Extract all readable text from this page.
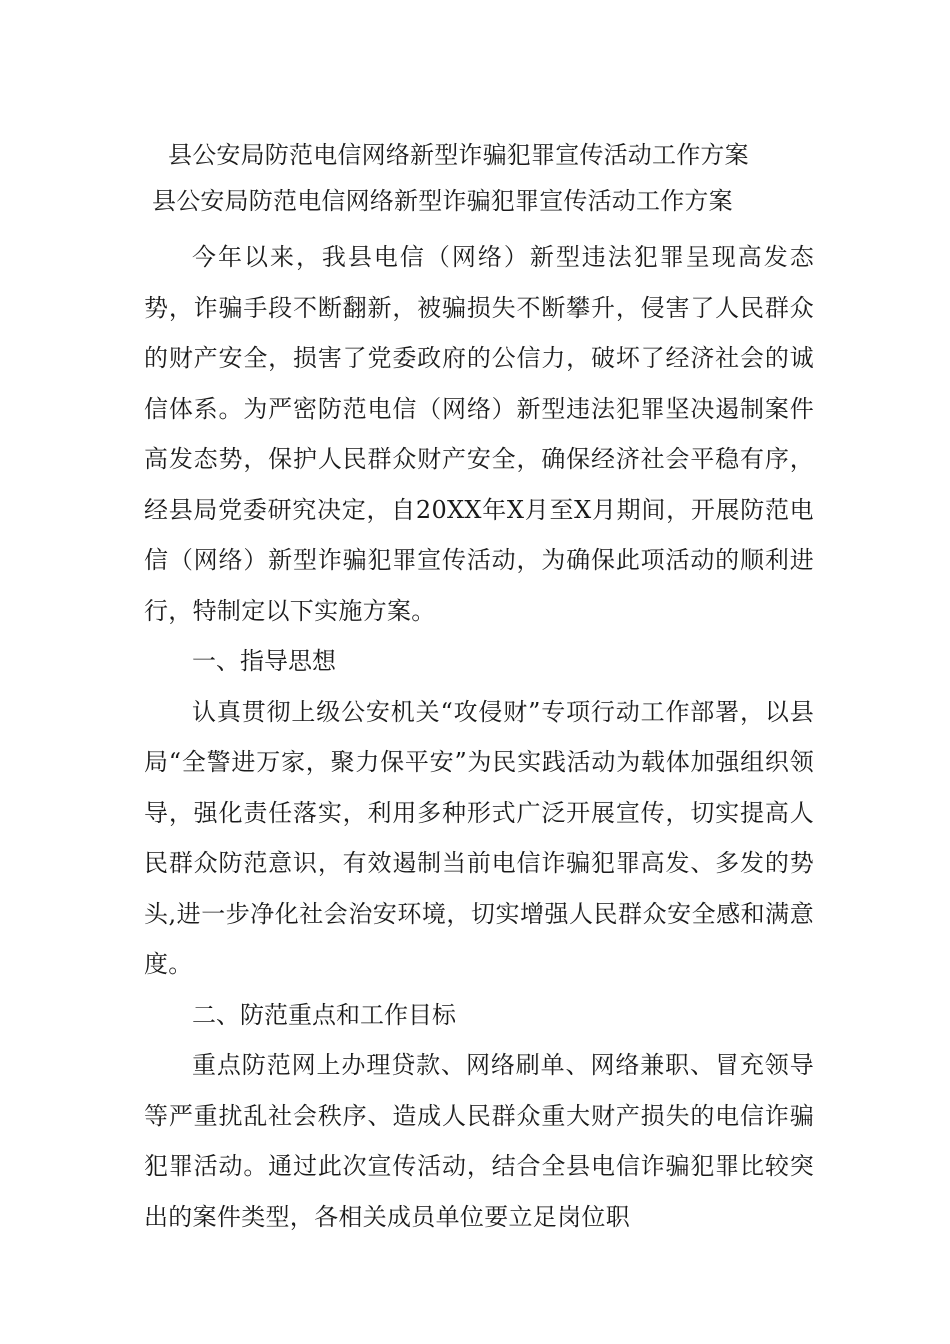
县公安局防范电信网络新型诈骗犯罪宣传活动工作方案
县公安局防范电信网络新型诈骗犯罪宣传活动工作方案

今年以来，我县电信（网络）新型违法犯罪呈现高发态势，诈骗手段不断翻新，被骗损失不断攀升，侵害了人民群众的财产安全，损害了党委政府的公信力，破坏了经济社会的诚信体系。为严密防范电信（网络）新型违法犯罪坚决遏制案件高发态势，保护人民群众财产安全，确保经济社会平稳有序，经县局党委研究决定，自20XX年X月至X月期间，开展防范电信（网络）新型诈骗犯罪宣传活动，为确保此项活动的顺利进行，特制定以下实施方案。

一、指导思想

认真贯彻上级公安机关“攻侵财”专项行动工作部署，以县局“全警进万家，聚力保平安”为民实践活动为载体加强组织领导，强化责任落实，利用多种形式广泛开展宣传，切实提高人民群众防范意识，有效遏制当前电信诈骗犯罪高发、多发的势头,进一步净化社会治安环境，切实增强人民群众安全感和满意度。

二、防范重点和工作目标

重点防范网上办理贷款、网络刷单、网络兼职、冒充领导等严重扰乱社会秩序、造成人民群众重大财产损失的电信诈骗犯罪活动。通过此次宣传活动，结合全县电信诈骗犯罪比较突出的案件类型，各相关成员单位要立足岗位职
